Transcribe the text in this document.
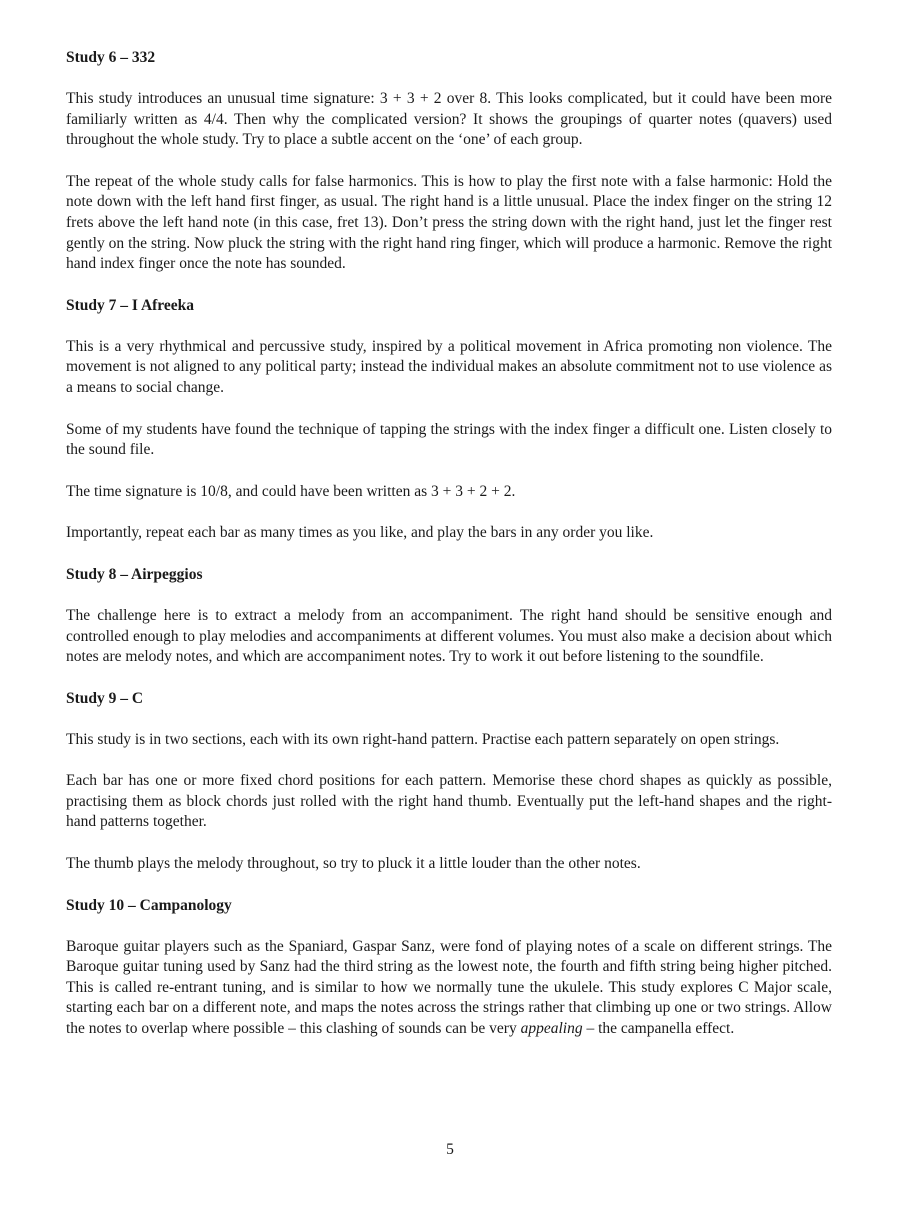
Study 6 – 332

This study introduces an unusual time signature: 3 + 3 + 2 over 8. This looks complicated, but it could have been more familiarly written as 4/4. Then why the complicated version? It shows the groupings of quarter notes (quavers) used throughout the whole study. Try to place a subtle accent on the ‘one’ of each group.

The repeat of the whole study calls for false harmonics. This is how to play the first note with a false harmonic: Hold the note down with the left hand first finger, as usual. The right hand is a little unusual. Place the index finger on the string 12 frets above the left hand note (in this case, fret 13). Don’t press the string down with the right hand, just let the finger rest gently on the string. Now pluck the string with the right hand ring finger, which will produce a harmonic. Remove the right hand index finger once the note has sounded.

Study 7 – I Afreeka

This is a very rhythmical and percussive study, inspired by a political movement in Africa promoting non violence. The movement is not aligned to any political party; instead the individual makes an absolute commitment not to use violence as a means to social change.

Some of my students have found the technique of tapping the strings with the index finger a difficult one. Listen closely to the sound file.

The time signature is 10/8, and could have been written as 3 + 3 + 2 + 2.

Importantly, repeat each bar as many times as you like, and play the bars in any order you like.

Study 8 – Airpeggios

The challenge here is to extract a melody from an accompaniment. The right hand should be sensitive enough and controlled enough to play melodies and accompaniments at different volumes. You must also make a decision about which notes are melody notes, and which are accompaniment notes. Try to work it out before listening to the soundfile.

Study 9 – C

This study is in two sections, each with its own right-hand pattern. Practise each pattern separately on open strings.

Each bar has one or more fixed chord positions for each pattern. Memorise these chord shapes as quickly as possible, practising them as block chords just rolled with the right hand thumb. Eventually put the left-hand shapes and the right-hand patterns together.

The thumb plays the melody throughout, so try to pluck it a little louder than the other notes.

Study 10 – Campanology

Baroque guitar players such as the Spaniard, Gaspar Sanz, were fond of playing notes of a scale on different strings. The Baroque guitar tuning used by Sanz had the third string as the lowest note, the fourth and fifth string being higher pitched. This is called re-entrant tuning, and is similar to how we normally tune the ukulele. This study explores C Major scale, starting each bar on a different note, and maps the notes across the strings rather that climbing up one or two strings. Allow the notes to overlap where possible – this clashing of sounds can be very appealing – the campanella effect.

5
